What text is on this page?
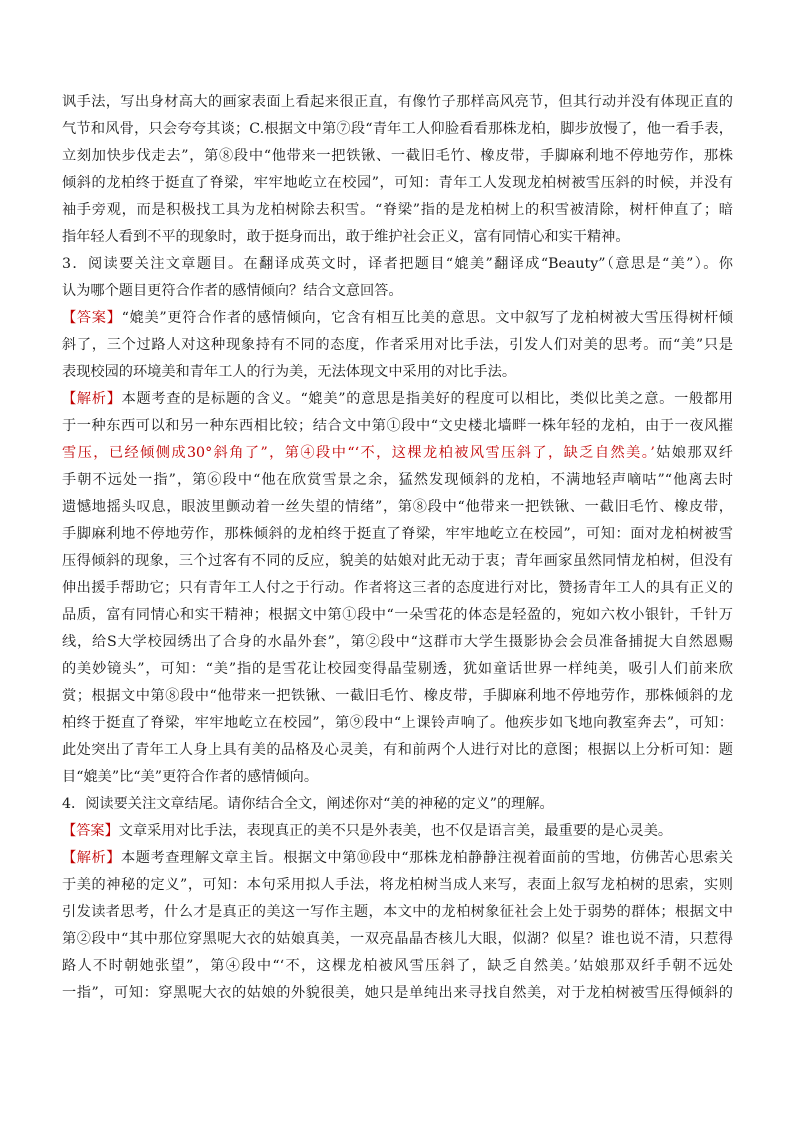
讽手法，写出身材高大的画家表面上看起来很正直，有像竹子那样高风亮节，但其行动并没有体现正直的
气节和风骨，只会夸夸其谈；C.根据文中第⑦段“青年工人仰脸看看那株龙柏，脚步放慢了，他一看手表，
立刻加快步伐走去”，第⑧段中“他带来一把铁锹、一截旧毛竹、橡皮带，手脚麻利地不停地劳作，那株
倾斜的龙柏终于挺直了脊梁，牢牢地屹立在校园”，可知：青年工人发现龙柏树被雪压斜的时候，并没有
袖手旁观，而是积极找工具为龙柏树除去积雪。“脊梁”指的是龙柏树上的积雪被清除，树杆伸直了；暗
指年轻人看到不平的现象时，敢于挺身而出，敢于维护社会正义，富有同情心和实干精神。
3．阅读要关注文章题目。在翻译成英文时，译者把题目“媲美”翻译成“Beauty”（意思是“美”）。你
认为哪个题目更符合作者的感情倾向？结合文意回答。
【答案】“媲美”更符合作者的感情倾向，它含有相互比美的意思。文中叙写了龙柏树被大雪压得树杆倾
斜了，三个过路人对这种现象持有不同的态度，作者采用对比手法，引发人们对美的思考。而“美”只是
表现校园的环境美和青年工人的行为美，无法体现文中采用的对比手法。
【解析】本题考查的是标题的含义。“媲美”的意思是指美好的程度可以相比，类似比美之意。一般都用
于一种东西可以和另一种东西相比较；结合文中第①段中“文史楼北墙畔一株年轻的龙柏，由于一夜风摧
雪压，已经倾侧成30°斜角了”，第④段中“‘不，这棵龙柏被风雪压斜了，缺乏自然美。’姑娘那双纤
手朝不远处一指”，第⑥段中“他在欣赏雪景之余，猛然发现倾斜的龙柏，不满地轻声嘀咕”“他离去时
遗憾地摇头叹息，眼波里颤动着一丝失望的情绪”，第⑧段中“他带来一把铁锹、一截旧毛竹、橡皮带，
手脚麻利地不停地劳作，那株倾斜的龙柏终于挺直了脊梁，牢牢地屹立在校园”，可知：面对龙柏树被雪
压得倾斜的现象，三个过客有不同的反应，貌美的姑娘对此无动于衷；青年画家虽然同情龙柏树，但没有
伸出援手帮助它；只有青年工人付之于行动。作者将这三者的态度进行对比，赞扬青年工人的具有正义的
品质，富有同情心和实干精神；根据文中第①段中“一朵雪花的体态是轻盈的，宛如六枚小银针，千针万
线，给S大学校园绣出了合身的水晶外套”，第②段中“这群市大学生摄影协会会员准备捕捉大自然恩赐
的美妙镜头”，可知：“美”指的是雪花让校园变得晶莹剔透，犹如童话世界一样纯美，吸引人们前来欣
赏；根据文中第⑧段中“他带来一把铁锹、一截旧毛竹、橡皮带，手脚麻利地不停地劳作，那株倾斜的龙
柏终于挺直了脊梁，牢牢地屹立在校园”，第⑨段中“上课铃声响了。他疾步如飞地向教室奔去”，可知：
此处突出了青年工人身上具有美的品格及心灵美，有和前两个人进行对比的意图；根据以上分析可知：题
目“媲美”比“美”更符合作者的感情倾向。
4．阅读要关注文章结尾。请你结合全文，阐述你对“美的神秘的定义”的理解。
【答案】文章采用对比手法，表现真正的美不只是外表美，也不仅是语言美，最重要的是心灵美。
【解析】本题考查理解文章主旨。根据文中第⑩段中“那株龙柏静静注视着面前的雪地，仿佛苦心思索关
于美的神秘的定义”，可知：本句采用拟人手法，将龙柏树当成人来写，表面上叙写龙柏树的思索，实则
引发读者思考，什么才是真正的美这一写作主题，本文中的龙柏树象征社会上处于弱势的群体；根据文中
第②段中“其中那位穿黑呢大衣的姑娘真美，一双亮晶晶杏核儿大眼，似湖？似星？谁也说不清，只惹得
路人不时朝她张望”，第④段中“‘不，这棵龙柏被风雪压斜了，缺乏自然美。’姑娘那双纤手朝不远处
一指”，可知：穿黑呢大衣的姑娘的外貌很美，她只是单纯出来寻找自然美，对于龙柏树被雪压得倾斜的
